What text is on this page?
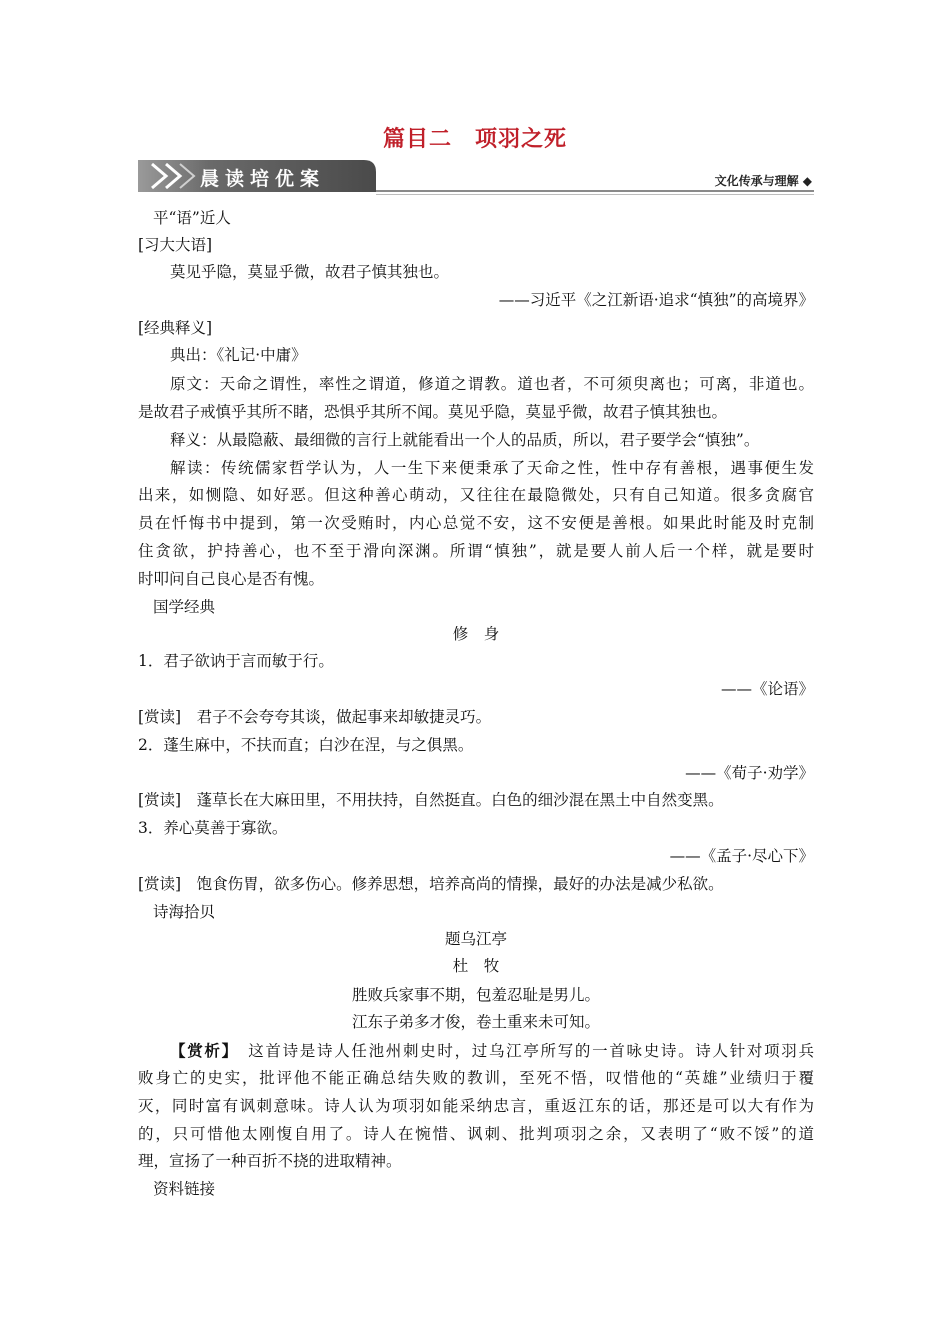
篇目二　项羽之死
晨读培优案	文化传承与理解 ◆
平“语”近人
[习大大语]
莫见乎隐，莫显乎微，故君子慎其独也。
——习近平《之江新语·追求“慎独”的高境界》
[经典释义]
典出：《礼记·中庸》
原文：天命之谓性，率性之谓道，修道之谓教。道也者，不可须臾离也；可离，非道也。
是故君子戒慎乎其所不睹，恐惧乎其所不闻。莫见乎隐，莫显乎微，故君子慎其独也。
释义：从最隐蔽、最细微的言行上就能看出一个人的品质，所以，君子要学会“慎独”。
解读：传统儒家哲学认为，人一生下来便秉承了天命之性，性中存有善根，遇事便生发
出来，如恻隐、如好恶。但这种善心萌动，又往往在最隐微处，只有自己知道。很多贪腐官
员在忏悔书中提到，第一次受贿时，内心总觉不安，这不安便是善根。如果此时能及时克制
住贪欲，护持善心，也不至于滑向深渊。所谓“慎独”，就是要人前人后一个样，就是要时
时叩问自己良心是否有愧。
国学经典
修　身
1．君子欲讷于言而敏于行。
——《论语》
[赏读]　君子不会夸夸其谈，做起事来却敏捷灵巧。
2．蓬生麻中，不扶而直；白沙在涅，与之俱黑。
——《荀子·劝学》
[赏读]　蓬草长在大麻田里，不用扶持，自然挺直。白色的细沙混在黑土中自然变黑。
3．养心莫善于寡欲。
——《孟子·尽心下》
[赏读]　饱食伤胃，欲多伤心。修养思想，培养高尚的情操，最好的办法是减少私欲。
诗海拾贝
题乌江亭
杜　牧
胜败兵家事不期，包羞忍耻是男儿。
江东子弟多才俊，卷土重来未可知。
【赏析】　这首诗是诗人任池州刺史时，过乌江亭所写的一首咏史诗。诗人针对项羽兵
败身亡的史实，批评他不能正确总结失败的教训，至死不悟，叹惜他的“英雄”业绩归于覆
灭，同时富有讽刺意味。诗人认为项羽如能采纳忠言，重返江东的话，那还是可以大有作为
的，只可惜他太刚愎自用了。诗人在惋惜、讽刺、批判项羽之余，又表明了“败不馁”的道
理，宣扬了一种百折不挠的进取精神。
资料链接
